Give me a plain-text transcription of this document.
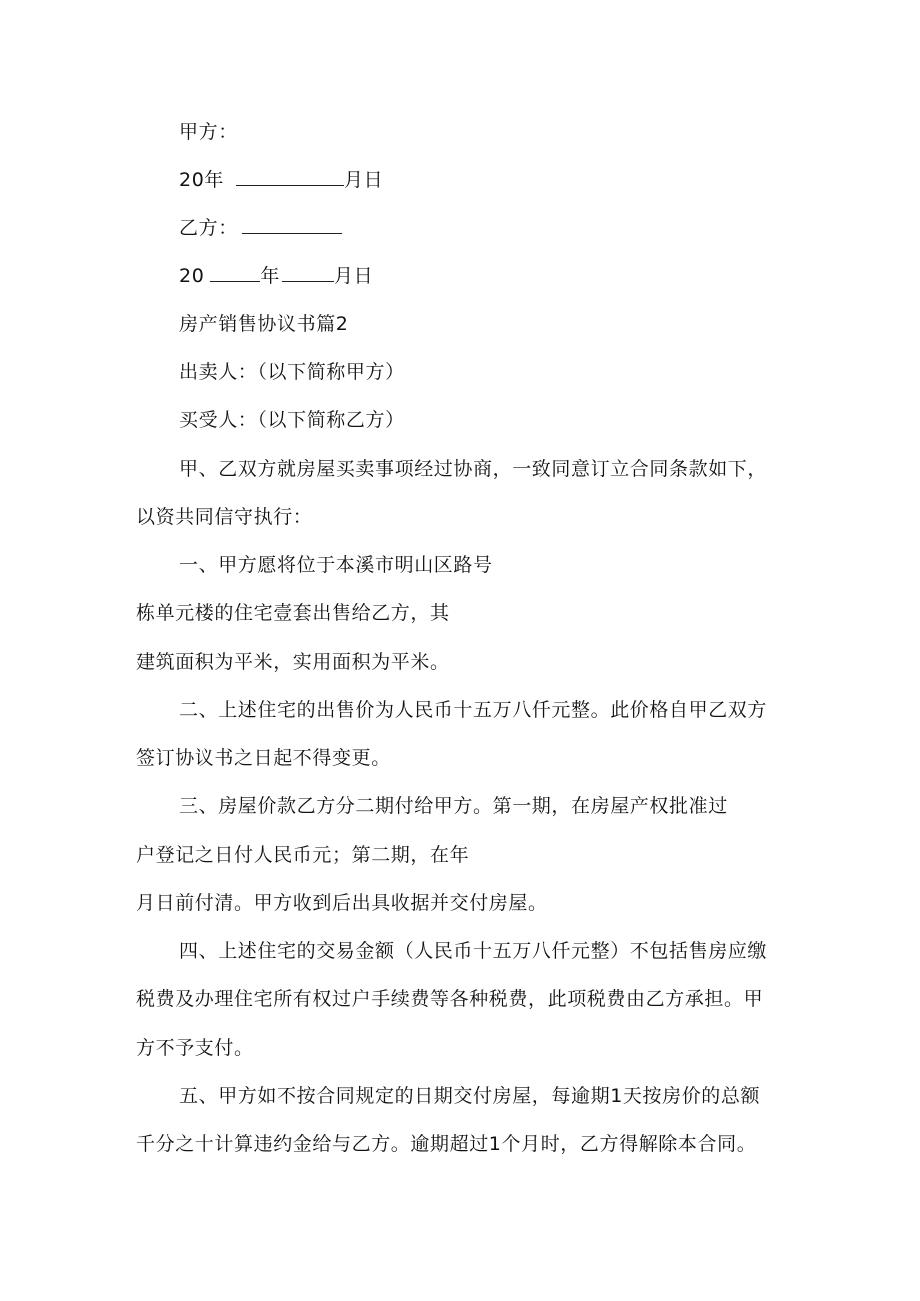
甲方：
20年	月日
乙方：
20	年	月日
房产销售协议书篇2
出卖人：（以下简称甲方）
买受人：（以下简称乙方）
甲、乙双方就房屋买卖事项经过协商，一致同意订立合同条款如下，
以资共同信守执行：
一、甲方愿将位于本溪市明山区路号
栋单元楼的住宅壹套出售给乙方，其
建筑面积为平米，实用面积为平米。
二、上述住宅的出售价为人民币十五万八仟元整。此价格自甲乙双方
签订协议书之日起不得变更。
三、房屋价款乙方分二期付给甲方。第一期，在房屋产权批准过
户登记之日付人民币元；第二期，在年
月日前付清。甲方收到后出具收据并交付房屋。
四、上述住宅的交易金额（人民币十五万八仟元整）不包括售房应缴
税费及办理住宅所有权过户手续费等各种税费，此项税费由乙方承担。甲
方不予支付。
五、甲方如不按合同规定的日期交付房屋，每逾期1天按房价的总额
千分之十计算违约金给与乙方。逾期超过1个月时，乙方得解除本合同。
